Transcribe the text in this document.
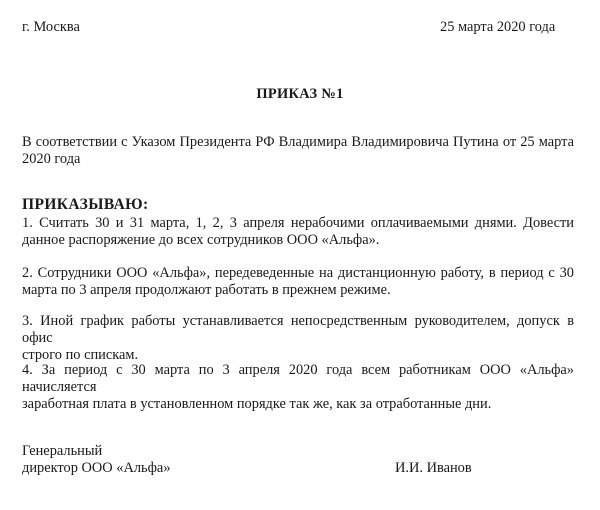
г. Москва	25 марта 2020 года
ПРИКАЗ №1
В соответствии с Указом Президента РФ Владимира Владимировича Путина от 25 марта
2020 года
ПРИКАЗЫВАЮ:
1. Считать 30 и 31 марта, 1, 2, 3 апреля нерабочими оплачиваемыми днями. Довести
данное распоряжение до всех сотрудников ООО «Альфа».
2. Сотрудники ООО «Альфа», передеведенные на дистанционную работу, в период с 30
марта по 3 апреля продолжают работать в прежнем режиме.
3. Иной график работы устанавливается непосредственным руководителем, допуск в офис
строго по спискам.
4. За период с 30 марта по 3 апреля 2020 года всем работникам ООО «Альфа» начисляется
заработная плата в установленном порядке так же, как за отработанные дни.
Генеральный
директор ООО «Альфа»	И.И. Иванов
